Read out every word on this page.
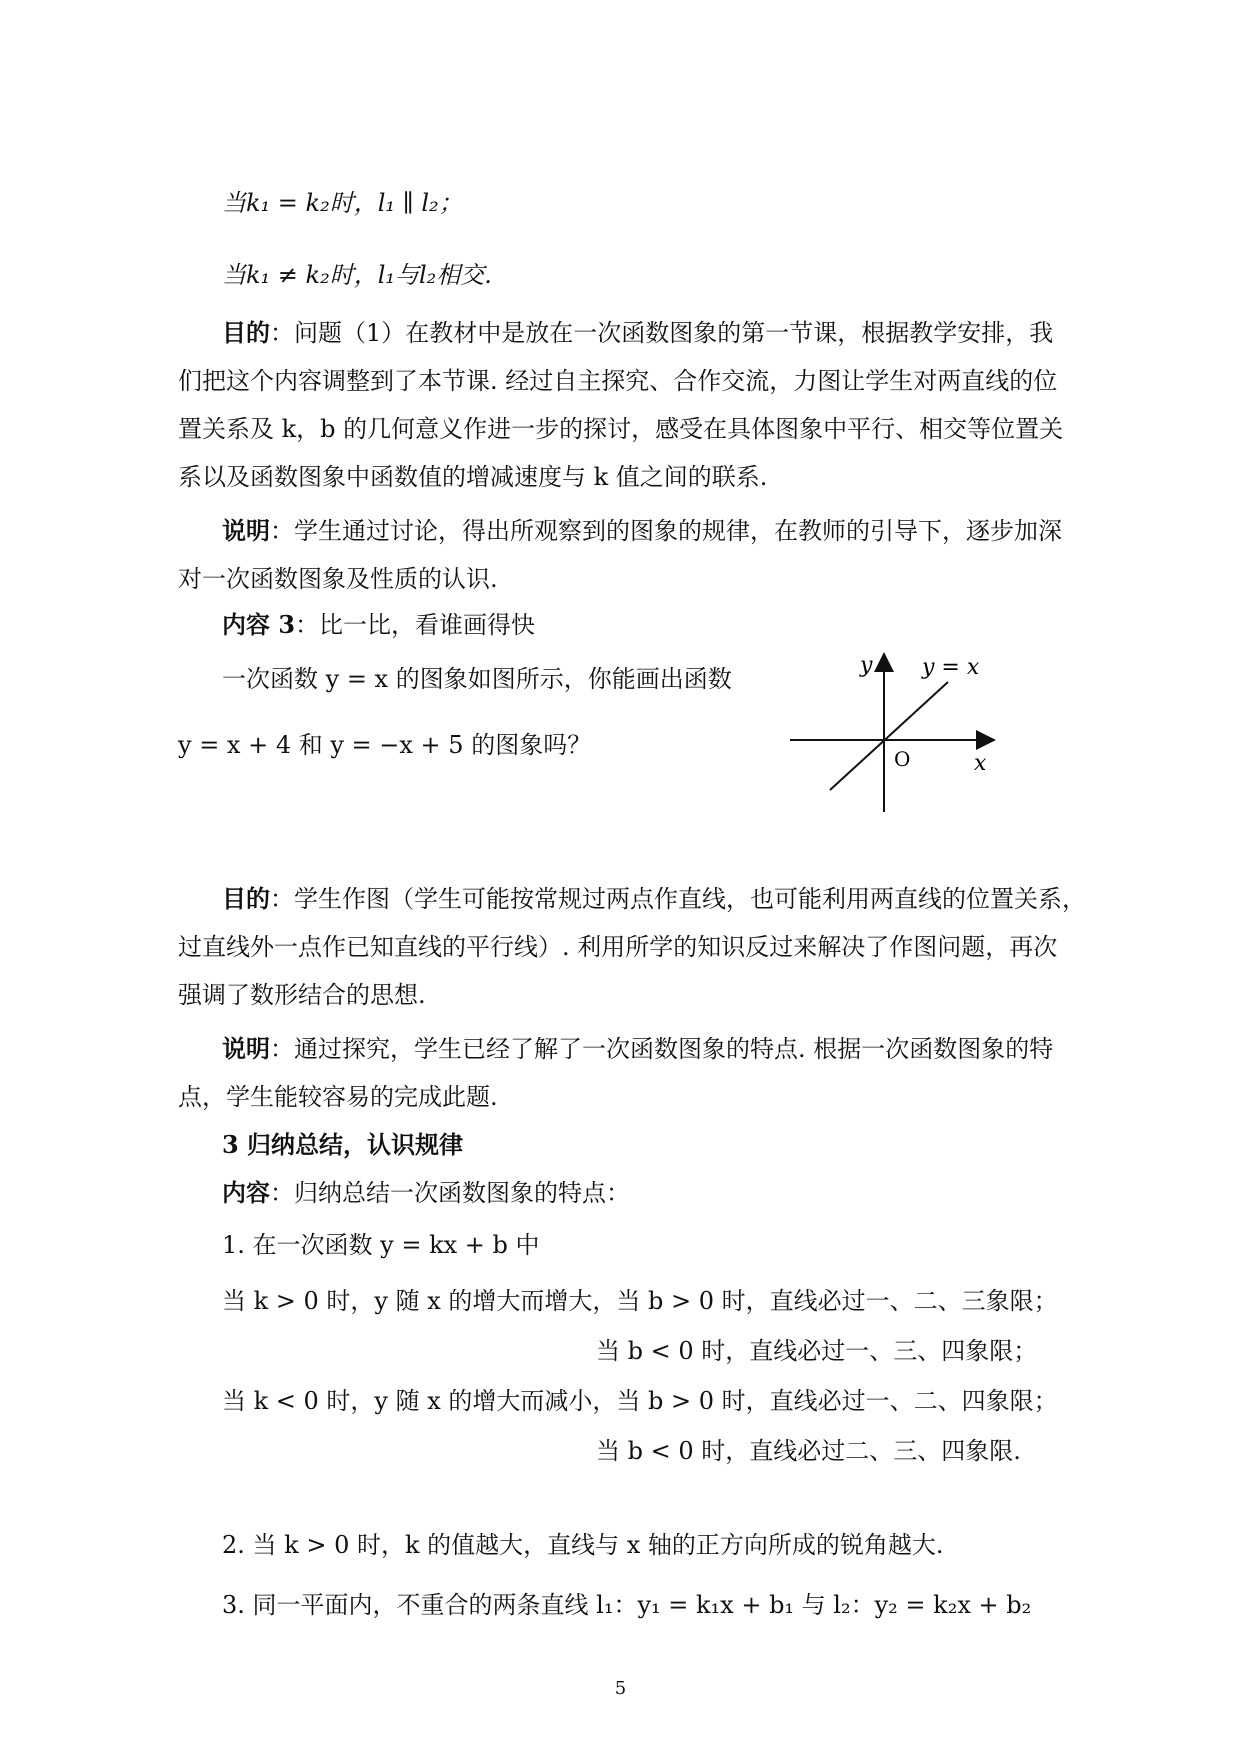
当k₁ = k₂时，l₁ ∥ l₂；
当k₁ ≠ k₂时，l₁与l₂相交.
目的：问题（1）在教材中是放在一次函数图象的第一节课，根据教学安排，我
们把这个内容调整到了本节课. 经过自主探究、合作交流，力图让学生对两直线的位
置关系及 k，b 的几何意义作进一步的探讨，感受在具体图象中平行、相交等位置关
系以及函数图象中函数值的增减速度与 k 值之间的联系.
说明：学生通过讨论，得出所观察到的图象的规律，在教师的引导下，逐步加深
对一次函数图象及性质的认识.
内容 3：比一比，看谁画得快
一次函数 y = x 的图象如图所示，你能画出函数
y = x + 4 和 y = −x + 5 的图象吗？
y
x
O
y = x
目的：学生作图（学生可能按常规过两点作直线，也可能利用两直线的位置关系，
过直线外一点作已知直线的平行线）. 利用所学的知识反过来解决了作图问题，再次
强调了数形结合的思想.
说明：通过探究，学生已经了解了一次函数图象的特点. 根据一次函数图象的特
点，学生能较容易的完成此题.
3 归纳总结，认识规律
内容：归纳总结一次函数图象的特点：
1. 在一次函数 y = kx + b 中
当 k > 0 时，y 随 x 的增大而增大，当 b > 0 时，直线必过一、二、三象限；
当 b < 0 时，直线必过一、三、四象限；
当 k < 0 时，y 随 x 的增大而减小，当 b > 0 时，直线必过一、二、四象限；
当 b < 0 时，直线必过二、三、四象限.
2. 当 k > 0 时，k 的值越大，直线与 x 轴的正方向所成的锐角越大.
3. 同一平面内，不重合的两条直线 l₁：y₁ = k₁x + b₁ 与 l₂：y₂ = k₂x + b₂
5
